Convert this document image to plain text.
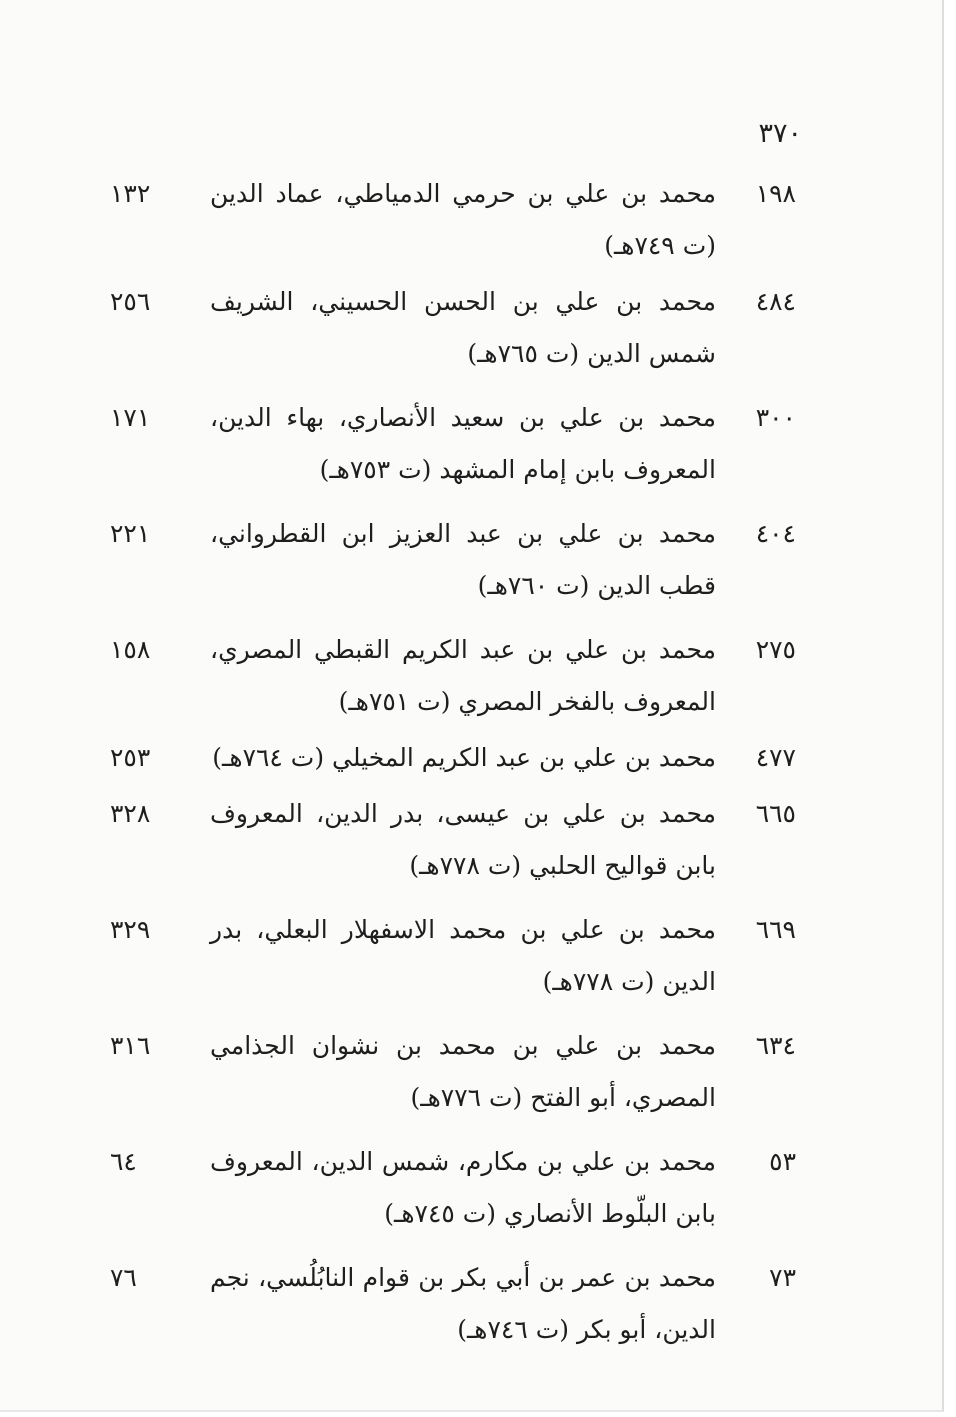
٣٧٠
١٩٨
محمد بن علي بن حرمي الدمياطي، عماد الدين (ت ٧٤٩هـ)
١٣٢
٤٨٤
محمد بن علي بن الحسن الحسيني، الشريف شمس الدين (ت ٧٦٥هـ)
٢٥٦
٣٠٠
محمد بن علي بن سعيد الأنصاري، بهاء الدين، المعروف بابن إمام المشهد (ت ٧٥٣هـ)
١٧١
٤٠٤
محمد بن علي بن عبد العزيز ابن القطرواني، قطب الدين (ت ٧٦٠هـ)
٢٢١
٢٧٥
محمد بن علي بن عبد الكريم القبطي المصري، المعروف بالفخر المصري (ت ٧٥١هـ)
١٥٨
٤٧٧
محمد بن علي بن عبد الكريم المخيلي (ت ٧٦٤هـ)
٢٥٣
٦٦٥
محمد بن علي بن عيسى، بدر الدين، المعروف بابن قواليح الحلبي (ت ٧٧٨هـ)
٣٢٨
٦٦٩
محمد بن علي بن محمد الاسفهلار البعلي، بدر الدين (ت ٧٧٨هـ)
٣٢٩
٦٣٤
محمد بن علي بن محمد بن نشوان الجذامي المصري، أبو الفتح (ت ٧٧٦هـ)
٣١٦
٥٣
محمد بن علي بن مكارم، شمس الدين، المعروف بابن البلّوط الأنصاري (ت ٧٤٥هـ)
٦٤
٧٣
محمد بن عمر بن أبي بكر بن قوام النابُلُسي، نجم الدين، أبو بكر (ت ٧٤٦هـ)
٧٦
